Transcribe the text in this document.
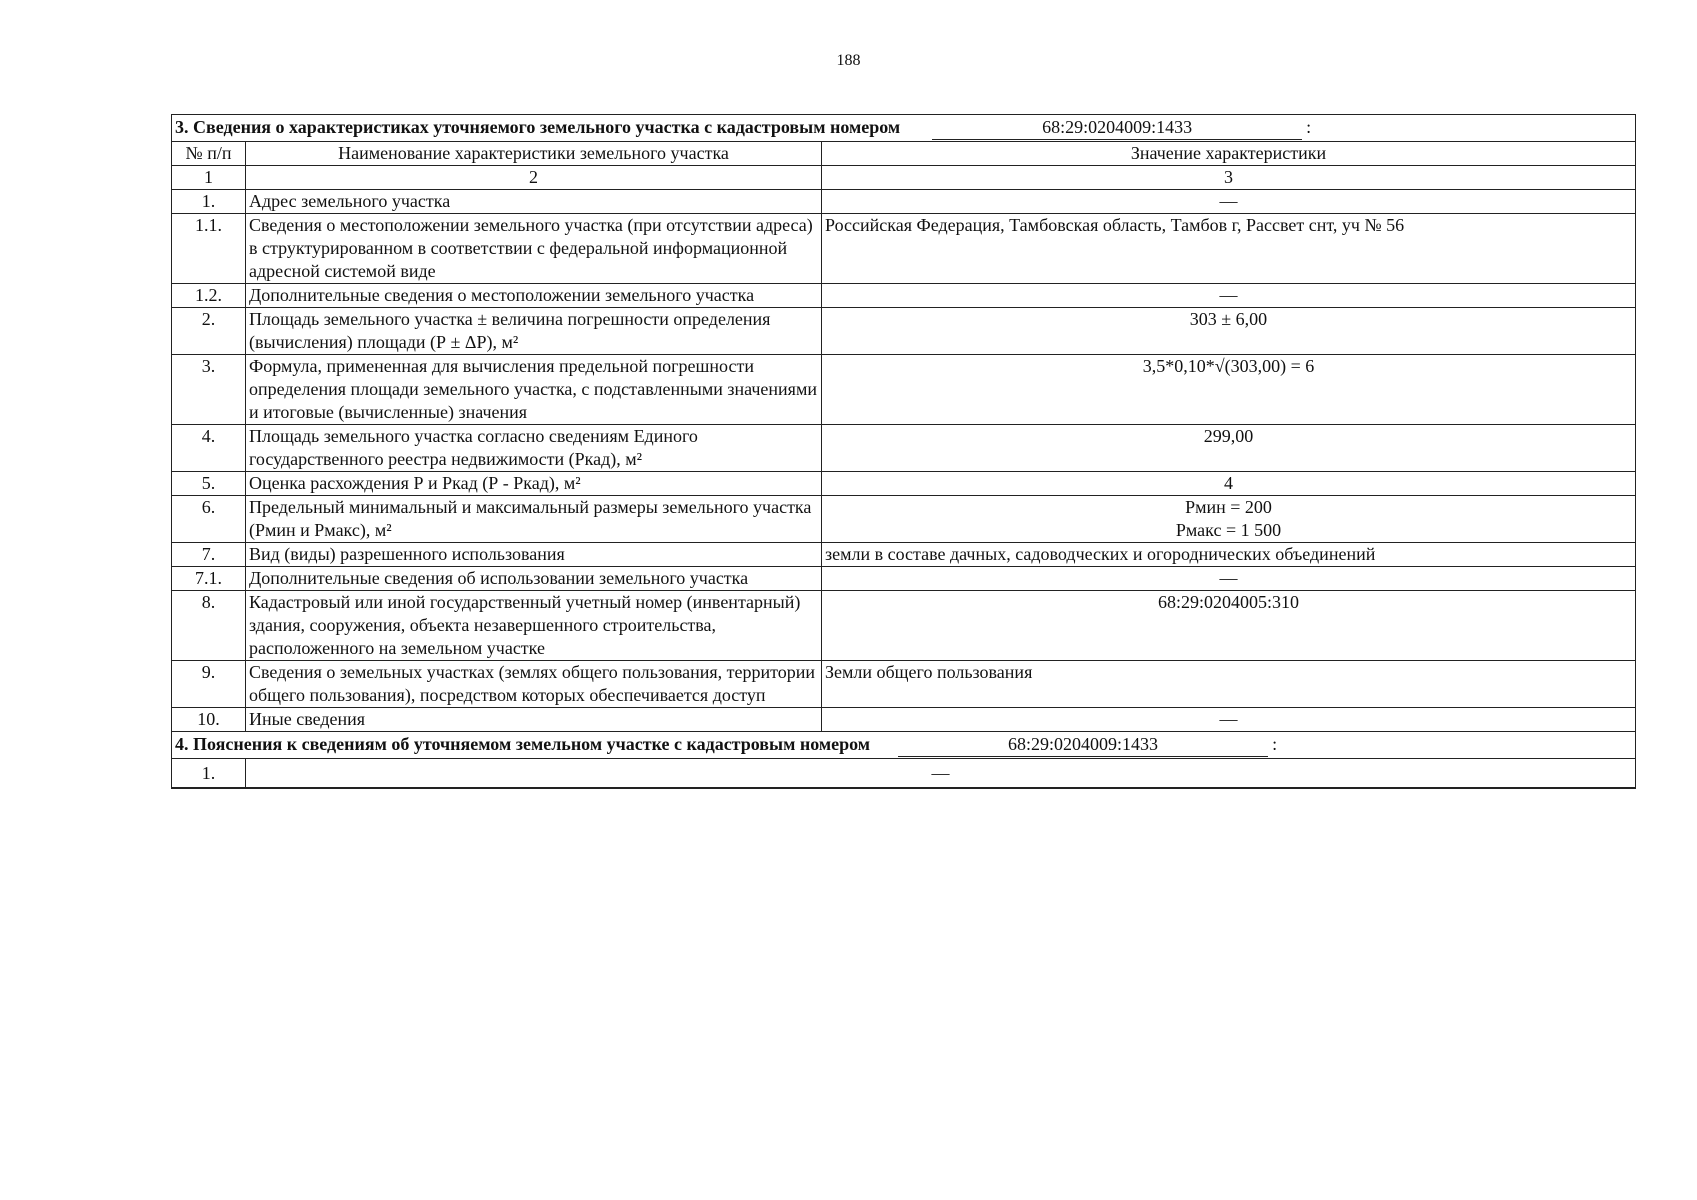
188
3. Сведения о характеристиках уточняемого земельного участка с кадастровым номером 68:29:0204009:1433 :		
№ п/п	Наименование характеристики земельного участка	Значение характеристики
1	2	3
1.	Адрес земельного участка	—
1.1.	Сведения о местоположении земельного участка (при отсутствии адреса) в структурированном в соответствии с федеральной информационной адресной системой виде	Российская Федерация, Тамбовская область, Тамбов г, Рассвет снт, уч № 56
1.2.	Дополнительные сведения о местоположении земельного участка	—
2.	Площадь земельного участка ± величина погрешности определения (вычисления) площади (Р ± ΔР), м²	303 ± 6,00
3.	Формула, примененная для вычисления предельной погрешности определения площади земельного участка, с подставленными значениями и итоговые (вычисленные) значения	3,5*0,10*√(303,00) = 6
4.	Площадь земельного участка согласно сведениям Единого государственного реестра недвижимости (Ркад), м²	299,00
5.	Оценка расхождения Р и Ркад (Р - Ркад), м²	4
6.	Предельный минимальный и максимальный размеры земельного участка (Рмин и Рмакс), м²	Рмин = 200
Рмакс = 1 500

7.	Вид (виды) разрешенного использования	земли в составе дачных, садоводческих и огороднических объединений
7.1.	Дополнительные сведения об использовании земельного участка	—
8.	Кадастровый или иной государственный учетный номер (инвентарный) здания, сооружения, объекта незавершенного строительства, расположенного на земельном участке	68:29:0204005:310
9.	Сведения о земельных участках (землях общего пользования, территории общего пользования), посредством которых обеспечивается доступ	Земли общего пользования
10.	Иные сведения	—
4. Пояснения к сведениям об уточняемом земельном участке с кадастровым номером 68:29:0204009:1433 :		
1.	—	
